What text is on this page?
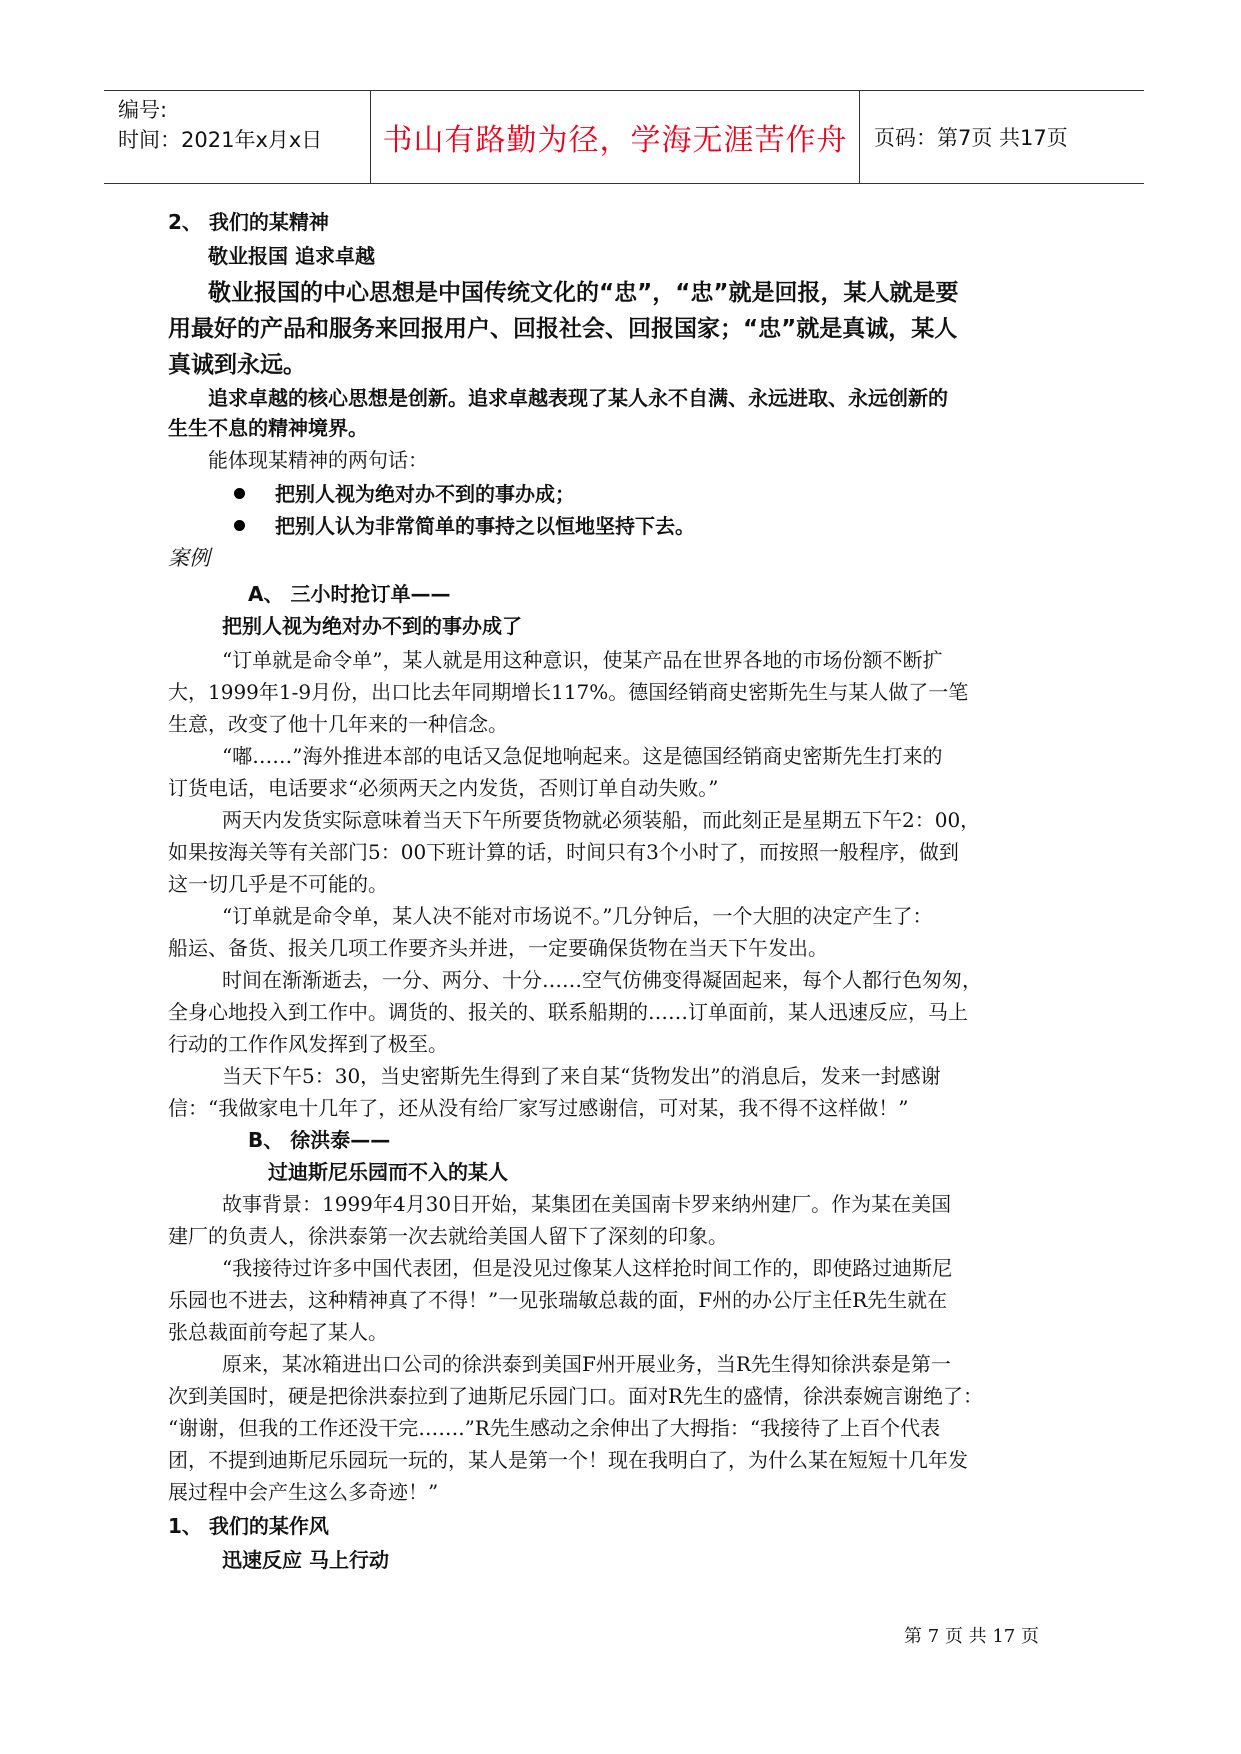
编号:
时间：2021年x月x日	书山有路勤为径，学海无涯苦作舟	页码：第7页 共17页
2、 我们的某精神
敬业报国 追求卓越
敬业报国的中心思想是中国传统文化的“忠”，“忠”就是回报，某人就是要
用最好的产品和服务来回报用户、回报社会、回报国家；“忠”就是真诚，某人
真诚到永远。
追求卓越的核心思想是创新。追求卓越表现了某人永不自满、永远进取、永远创新的
生生不息的精神境界。
能体现某精神的两句话：
把别人视为绝对办不到的事办成；
把别人认为非常简单的事持之以恒地坚持下去。
案例
A、 三小时抢订单——
把别人视为绝对办不到的事办成了
“订单就是命令单”，某人就是用这种意识，使某产品在世界各地的市场份额不断扩
大，1999年1-9月份，出口比去年同期增长117%。德国经销商史密斯先生与某人做了一笔
生意，改变了他十几年来的一种信念。
“嘟……”海外推进本部的电话又急促地响起来。这是德国经销商史密斯先生打来的
订货电话，电话要求“必须两天之内发货，否则订单自动失败。”
两天内发货实际意味着当天下午所要货物就必须装船，而此刻正是星期五下午2：00，
如果按海关等有关部门5：00下班计算的话，时间只有3个小时了，而按照一般程序，做到
这一切几乎是不可能的。
“订单就是命令单，某人决不能对市场说不。”几分钟后，一个大胆的决定产生了：
船运、备货、报关几项工作要齐头并进，一定要确保货物在当天下午发出。
时间在渐渐逝去，一分、两分、十分……空气仿佛变得凝固起来，每个人都行色匆匆，
全身心地投入到工作中。调货的、报关的、联系船期的……订单面前，某人迅速反应，马上
行动的工作作风发挥到了极至。
当天下午5：30，当史密斯先生得到了来自某“货物发出”的消息后，发来一封感谢
信：“我做家电十几年了，还从没有给厂家写过感谢信，可对某，我不得不这样做！”
B、 徐洪泰——
过迪斯尼乐园而不入的某人
故事背景：1999年4月30日开始，某集团在美国南卡罗来纳州建厂。作为某在美国
建厂的负责人，徐洪泰第一次去就给美国人留下了深刻的印象。
“我接待过许多中国代表团，但是没见过像某人这样抢时间工作的，即使路过迪斯尼
乐园也不进去，这种精神真了不得！”一见张瑞敏总裁的面，F州的办公厅主任R先生就在
张总裁面前夸起了某人。
原来，某冰箱进出口公司的徐洪泰到美国F州开展业务，当R先生得知徐洪泰是第一
次到美国时，硬是把徐洪泰拉到了迪斯尼乐园门口。面对R先生的盛情，徐洪泰婉言谢绝了：
“谢谢，但我的工作还没干完…….”R先生感动之余伸出了大拇指：“我接待了上百个代表
团，不提到迪斯尼乐园玩一玩的，某人是第一个！现在我明白了，为什么某在短短十几年发
展过程中会产生这么多奇迹！”
1、 我们的某作风
迅速反应 马上行动
第 7 页 共 17 页
